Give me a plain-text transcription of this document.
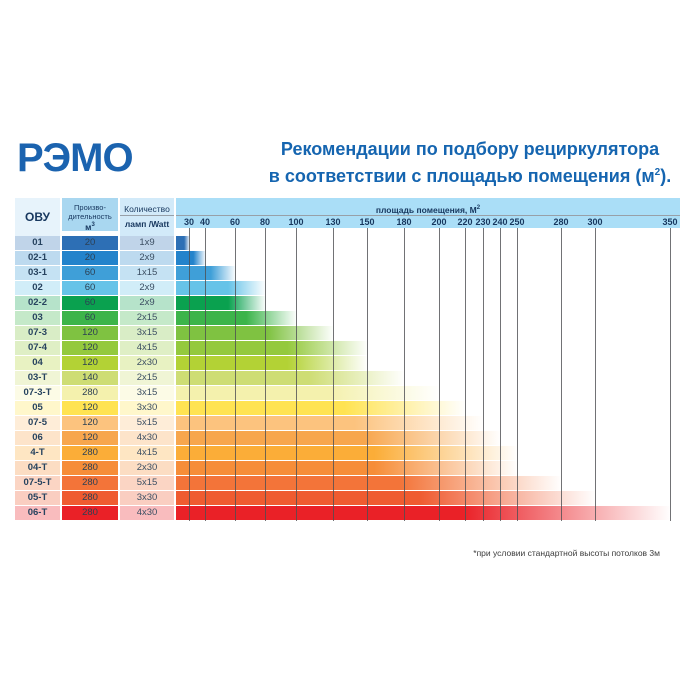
РЭМО	Рекомендации по подбору рециркулятора
в соответствии с площадью помещения $(м^2)$.
ОВУ
Произво-
дительность
$м^3$
Количество
ламп /Watt
площадь помещения, $М^2$
30 40 60 80 100 130 150 180 200 220 230 240 250	280 300	350
01	20	1х9
02-1	20	2х9
03-1	60	1х15
02	60	2х9
02-2	60	2х9
03	60	2х15
07-3	120	3х15
07-4	120	4х15
04	120	2х30
03-Т	140	2х15
07-3-Т	280	3х15
05	120	3х30
07-5	120	5х15
06	120	4х30
4-Т	280	4х15
04-Т	280	2х30
07-5-Т	280	5х15
05-Т	280	3х30
06-Т	280	4х30
*при условии стандартной высоты потолков 3м
